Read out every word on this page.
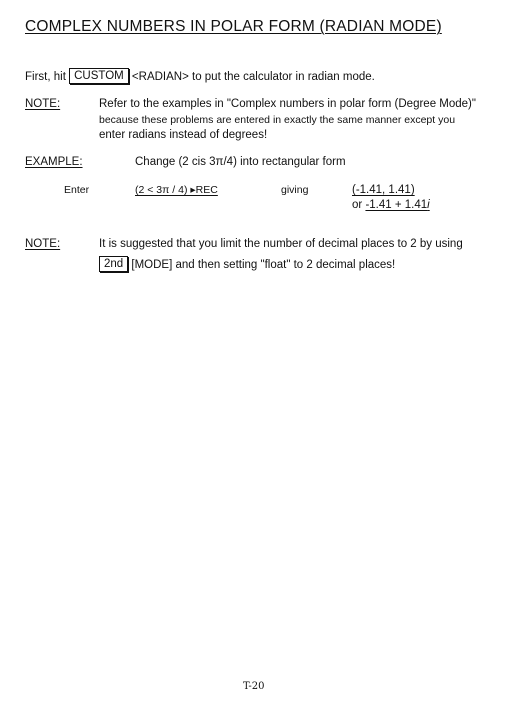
COMPLEX NUMBERS IN POLAR FORM (RADIAN MODE)
First, hit CUSTOM <RADIAN> to put the calculator in radian mode.
NOTE:	Refer to the examples in "Complex numbers in polar form (Degree Mode)"
because these problems are entered in exactly the same manner except you
enter radians instead of degrees!
EXAMPLE:	Change (2 cis 3π/4) into rectangular form
Enter	(2 < 3π / 4) ▸REC	giving	(-1.41, 1.41)
or -1.41 + 1.41i
NOTE:	It is suggested that you limit the number of decimal places to 2 by using
2nd [MODE] and then setting "float" to 2 decimal places!
T-20
